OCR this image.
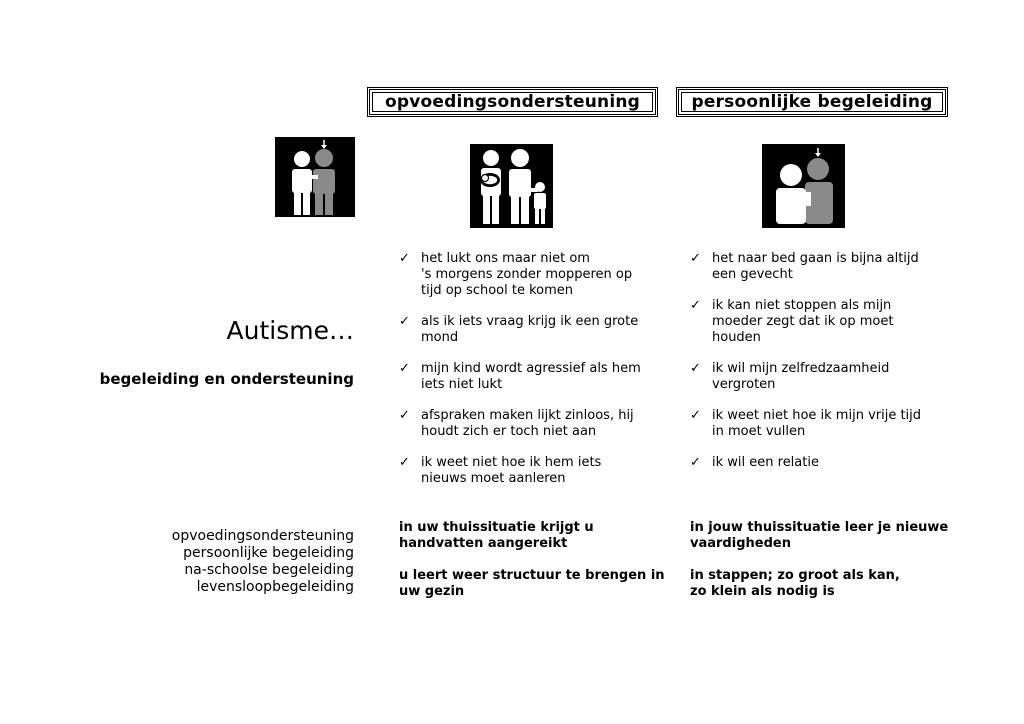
opvoedingsondersteuning	persoonlijke begeleiding
Autisme…
begeleiding en ondersteuning
opvoedingsondersteuning
persoonlijke begeleiding
na-schoolse begeleiding
levensloopbegeleiding
✓ het lukt ons maar niet om
's morgens zonder mopperen op
tijd op school te komen
✓ als ik iets vraag krijg ik een grote
mond
✓ mijn kind wordt agressief als hem
iets niet lukt
✓ afspraken maken lijkt zinloos, hij
houdt zich er toch niet aan
✓ ik weet niet hoe ik hem iets
nieuws moet aanleren
✓ het naar bed gaan is bijna altijd
een gevecht
✓ ik kan niet stoppen als mijn
moeder zegt dat ik op moet
houden
✓ ik wil mijn zelfredzaamheid
vergroten
✓ ik weet niet hoe ik mijn vrije tijd
in moet vullen
✓ ik wil een relatie
in uw thuissituatie krijgt u
handvatten aangereikt
u leert weer structuur te brengen in
uw gezin
in jouw thuissituatie leer je nieuwe
vaardigheden
in stappen; zo groot als kan,
zo klein als nodig is
